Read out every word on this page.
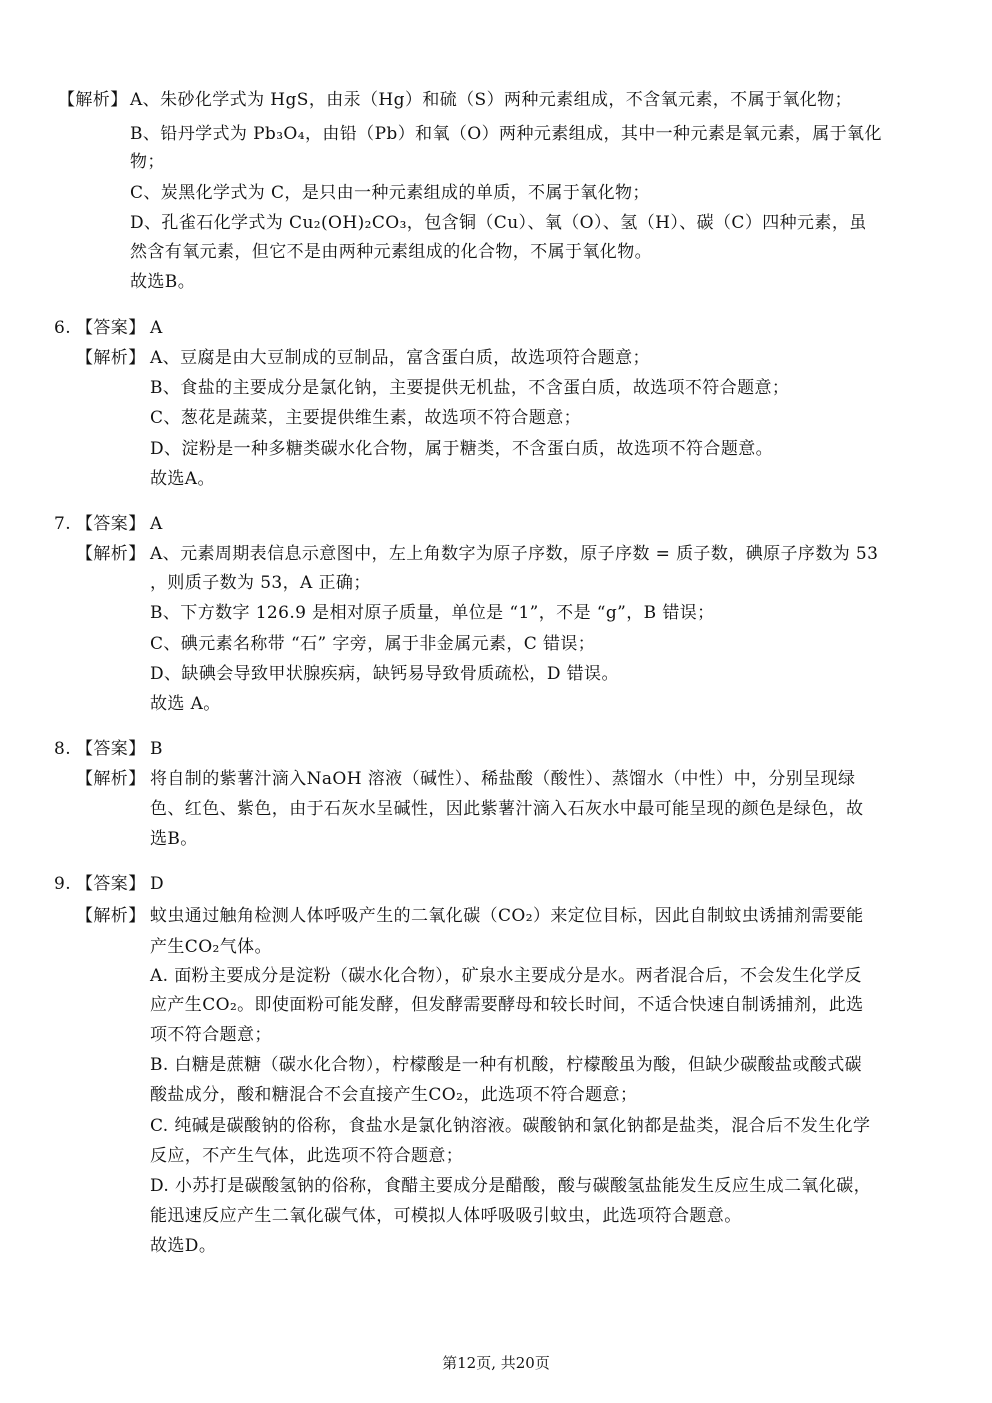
【解析】 A、朱砂化学式为 HgS，由汞（Hg）和硫（S）两种元素组成，不含氧元素，不属于氧化物；
B、铅丹学式为 Pb₃O₄，由铅（Pb）和氧（O）两种元素组成，其中一种元素是氧元素，属于氧化
物；
C、炭黑化学式为 C，是只由一种元素组成的单质，不属于氧化物；
D、孔雀石化学式为 Cu₂(OH)₂CO₃，包含铜（Cu）、氧（O）、氢（H）、碳（C）四种元素，虽
然含有氧元素，但它不是由两种元素组成的化合物，不属于氧化物。
故选B。
6. 【答案】 A
【解析】 A、豆腐是由大豆制成的豆制品，富含蛋白质，故选项符合题意；
B、食盐的主要成分是氯化钠，主要提供无机盐，不含蛋白质，故选项不符合题意；
C、葱花是蔬菜，主要提供维生素，故选项不符合题意；
D、淀粉是一种多糖类碳水化合物，属于糖类，不含蛋白质，故选项不符合题意。
故选A。
7. 【答案】 A
【解析】 A、元素周期表信息示意图中，左上角数字为原子序数，原子序数 = 质子数，碘原子序数为 53
，则质子数为 53，A 正确；
B、下方数字 126.9 是相对原子质量，单位是 “1”，不是 “g”，B 错误；
C、碘元素名称带 “石” 字旁，属于非金属元素，C 错误；
D、缺碘会导致甲状腺疾病，缺钙易导致骨质疏松，D 错误。
故选 A。
8. 【答案】 B
【解析】 将自制的紫薯汁滴入NaOH 溶液（碱性）、稀盐酸（酸性）、蒸馏水（中性）中，分别呈现绿
色、红色、紫色，由于石灰水呈碱性，因此紫薯汁滴入石灰水中最可能呈现的颜色是绿色，故
选B。
9. 【答案】 D
【解析】 蚊虫通过触角检测人体呼吸产生的二氧化碳（CO₂）来定位目标，因此自制蚊虫诱捕剂需要能
产生CO₂气体。
A. 面粉主要成分是淀粉（碳水化合物），矿泉水主要成分是水。两者混合后，不会发生化学反
应产生CO₂。即使面粉可能发酵，但发酵需要酵母和较长时间，不适合快速自制诱捕剂，此选
项不符合题意；
B. 白糖是蔗糖（碳水化合物），柠檬酸是一种有机酸，柠檬酸虽为酸，但缺少碳酸盐或酸式碳
酸盐成分，酸和糖混合不会直接产生CO₂，此选项不符合题意；
C. 纯碱是碳酸钠的俗称，食盐水是氯化钠溶液。碳酸钠和氯化钠都是盐类，混合后不发生化学
反应，不产生气体，此选项不符合题意；
D. 小苏打是碳酸氢钠的俗称，食醋主要成分是醋酸，酸与碳酸氢盐能发生反应生成二氧化碳，
能迅速反应产生二氧化碳气体，可模拟人体呼吸吸引蚊虫，此选项符合题意。
故选D。
第12页, 共20页
